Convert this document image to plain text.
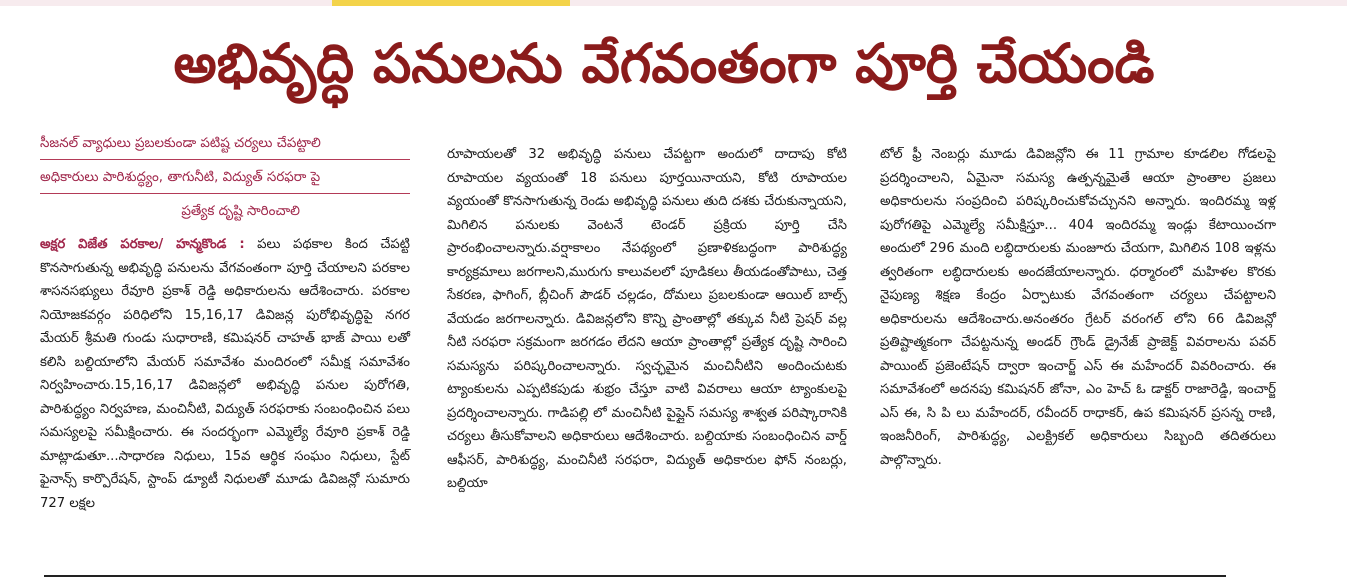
అభివృద్ధి పనులను వేగవంతంగా పూర్తి చేయండి
సీజనల్ వ్యాధులు ప్రబలకుండా పటిష్ట చర్యలు చేపట్టాలి
అధికారులు పారిశుద్ధ్యం, తాగునీటి, విద్యుత్ సరఫరా పై
ప్రత్యేక దృష్టి సారించాలి

అక్షర విజేత పరకాల/ హన్మకొండ : పలు పథకాల కింద చేపట్టి కొనసాగుతున్న అభివృద్ధి పనులను వేగవంతంగా పూర్తి చేయాలని పరకాల శాసనసభ్యులు రేవూరి ప్రకాశ్ రెడ్డి అధికారులను ఆదేశించారు. పరకాల నియోజకవర్గం పరిధిలోని 15,16,17 డివిజన్ల పురోభివృద్ధిపై నగర మేయర్ శ్రీమతి గుండు సుధారాణి, కమిషనర్ చాహత్ భాజ్ పాయి లతో కలిసి బల్దియాలోని మేయర్ సమావేశం మందిరంలో సమీక్ష సమావేశం నిర్వహించారు.15,16,17 డివిజన్లలో అభివృద్ధి పనుల పురోగతి, పారిశుద్ధ్యం నిర్వహణ, మంచినీటి, విద్యుత్ సరఫరాకు సంబంధించిన పలు సమస్యలపై సమీక్షించారు. ఈ సందర్భంగా ఎమ్మెల్యే రేవూరి ప్రకాశ్ రెడ్డి మాట్లాడుతూ...సాధారణ నిధులు, 15వ ఆర్థిక సంఘం నిధులు, స్టేట్ ఫైనాన్స్ కార్పొరేషన్, స్టాంప్ డ్యూటీ నిధులతో మూడు డివిజన్లో సుమారు 727 లక్షల

రూపాయలతో 32 అభివృద్ధి పనులు చేపట్టగా అందులో దాదాపు కోటి రూపాయల వ్యయంతో 18 పనులు పూర్తయినాయని, కోటి రూపాయల వ్యయంతో కొనసాగుతున్న రెండు అభివృద్ధి పనులు తుది దశకు చేరుకున్నాయని, మిగిలిన పనులకు వెంటనే టెండర్ ప్రక్రియ పూర్తి చేసి ప్రారంభించాలన్నారు.వర్షాకాలం నేపథ్యంలో ప్రణాళికబద్ధంగా పారిశుద్ధ్య కార్యక్రమాలు జరగాలని,మురుగు కాలువలలో పూడికలు తీయడంతోపాటు, చెత్త సేకరణ, ఫాగింగ్, బ్లీచింగ్ పౌడర్ చల్లడం, దోమలు ప్రబలకుండా ఆయిల్ బాల్స్ వేయడం జరగాలన్నారు. డివిజన్లలోని కొన్ని ప్రాంతాల్లో తక్కువ నీటి ప్రెషర్ వల్ల నీటి సరఫరా సక్రమంగా జరగడం లేదని ఆయా ప్రాంతాల్లో ప్రత్యేక దృష్టి సారించి సమస్యను పరిష్కరించాలన్నారు. స్వచ్ఛమైన మంచినీటిని అందించుటకు ట్యాంకులను ఎప్పటికపుడు శుభ్రం చేస్తూ వాటి వివరాలు ఆయా ట్యాంకులపై ప్రదర్శించాలన్నారు. గాడిపల్లి లో మంచినీటి పైప్లైన్ సమస్య శాశ్వత పరిష్కారానికి చర్యలు తీసుకోవాలని అధికారులు ఆదేశించారు. బల్దియాకు సంబంధించిన వార్డ్ ఆఫీసర్, పారిశుద్ధ్య, మంచినీటి సరఫరా, విద్యుత్ అధికారుల ఫోన్ నంబర్లు, బల్దియా

టోల్ ఫ్రీ నెంబర్లు మూడు డివిజన్లోని ఈ 11 గ్రామాల కూడలిల గోడలపై ప్రదర్శించాలని, ఏమైనా సమస్య ఉత్పన్నమైతే ఆయా ప్రాంతాల ప్రజలు అధికారులను సంప్రదించి పరిష్కరించుకోవచ్చునని అన్నారు. ఇందిరమ్మ ఇళ్ల పురోగతిపై ఎమ్మెల్యే సమీక్షిస్తూ... 404 ఇందిరమ్మ ఇండ్లు కేటాయించగా అందులో 296 మంది లబ్ధిదారులకు మంజూరు చేయగా, మిగిలిన 108 ఇళ్లను త్వరితంగా లబ్ధిదారులకు అందజేయాలన్నారు. ధర్మారంలో మహిళల కొరకు నైపుణ్య శిక్షణ కేంద్రం ఏర్పాటుకు వేగవంతంగా చర్యలు చేపట్టాలని అధికారులను ఆదేశించారు.అనంతరం గ్రేటర్ వరంగల్ లోని 66 డివిజన్లో ప్రతిష్టాత్మకంగా చేపట్టనున్న అండర్ గ్రౌండ్ డ్రైనేజ్ ప్రాజెక్ట్ వివరాలను పవర్ పాయింట్ ప్రజెంటేషన్ ద్వారా ఇంచార్జ్ ఎస్ ఈ మహేందర్ వివరించారు. ఈ సమావేశంలో అదనపు కమిషనర్ జోనా, ఎం హెచ్ ఓ డాక్టర్ రాజారెడ్డి, ఇంచార్జ్ ఎస్ ఈ, సి పి లు మహేందర్, రవీందర్ రాధాకర్, ఉప కమిషనర్ ప్రసన్న రాణి, ఇంజనీరింగ్, పారిశుద్ధ్య, ఎలక్ట్రికల్ అధికారులు సిబ్బంది తదితరులు పాల్గొన్నారు.
